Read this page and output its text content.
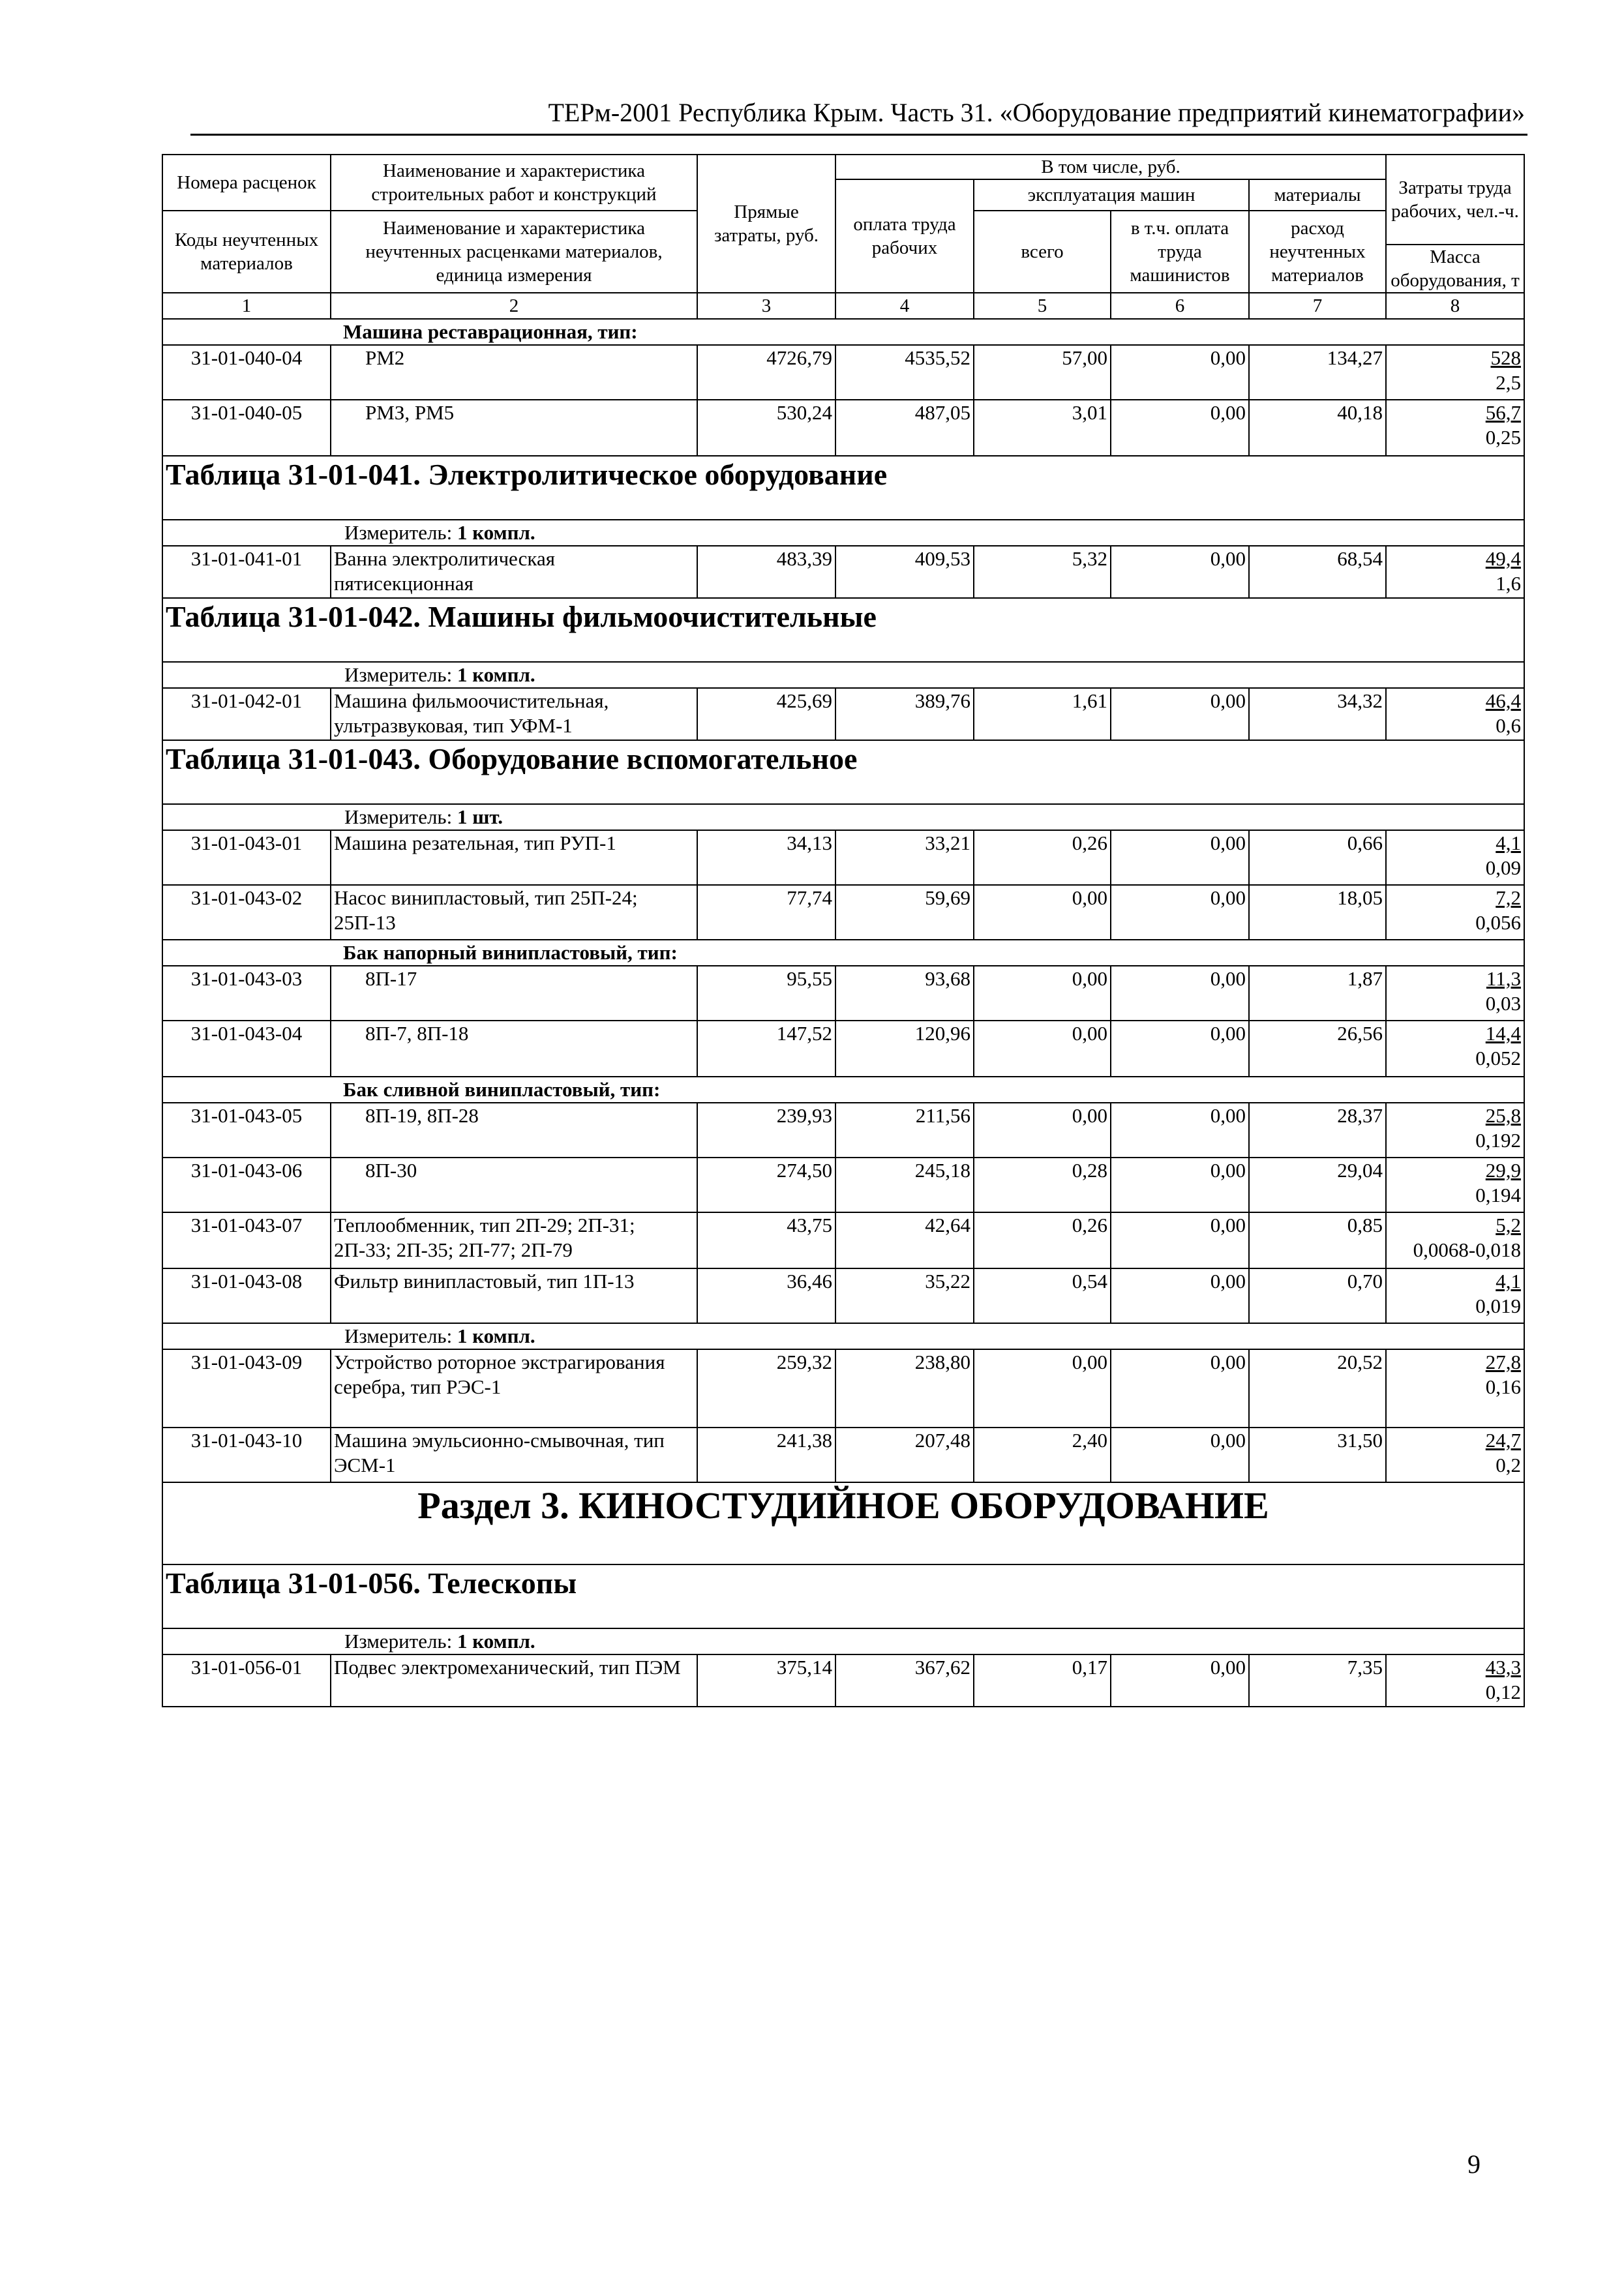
ТЕРм-2001 Республика Крым. Часть 31. «Оборудование предприятий кинематографии»
Номера расценок	Наименование и характеристика строительных работ и конструкций	Прямые затраты, руб.	В том числе, руб.				Затраты труда рабочих, чел.-ч.
			оплата труда рабочих	эксплуатация машин		материалы	
Коды неучтенных материалов	Наименование и характеристика неучтенных расценками материалов, единица измерения			всего	в т.ч. оплата труда машинистов	расход неучтенных материалов	
							Масса оборудования, т
1	2	3	4	5	6	7	8
Машина реставрационная, тип:							
31-01-040-04	РМ2	4726,79	4535,52	57,00	0,00	134,27	528
2,5

31-01-040-05	РМЗ, РМ5	530,24	487,05	3,01	0,00	40,18	56,7
0,25

Таблица 31-01-041. Электролитическое оборудование							
Измеритель: 1 компл.							
31-01-041-01	Ванна электролитическая пятисекционная	483,39	409,53	5,32	0,00	68,54	49,4
1,6

Таблица 31-01-042. Машины фильмоочистительные							
Измеритель: 1 компл.							
31-01-042-01	Машина фильмоочистительная, ультразвуковая, тип УФМ-1	425,69	389,76	1,61	0,00	34,32	46,4
0,6

Таблица 31-01-043. Оборудование вспомогательное							
Измеритель: 1 шт.							
31-01-043-01	Машина резательная, тип РУП-1	34,13	33,21	0,26	0,00	0,66	4,1
0,09

31-01-043-02	Насос винипластовый, тип 25П-24; 25П-13	77,74	59,69	0,00	0,00	18,05	7,2
0,056

Бак напорный винипластовый, тип:							
31-01-043-03	8П-17	95,55	93,68	0,00	0,00	1,87	11,3
0,03

31-01-043-04	8П-7, 8П-18	147,52	120,96	0,00	0,00	26,56	14,4
0,052

Бак сливной винипластовый, тип:							
31-01-043-05	8П-19, 8П-28	239,93	211,56	0,00	0,00	28,37	25,8
0,192

31-01-043-06	8П-30	274,50	245,18	0,28	0,00	29,04	29,9
0,194

31-01-043-07	Теплообменник, тип 2П-29; 2П-31; 2П-33; 2П-35; 2П-77; 2П-79	43,75	42,64	0,26	0,00	0,85	5,2
0,0068-0,018

31-01-043-08	Фильтр винипластовый, тип 1П-13	36,46	35,22	0,54	0,00	0,70	4,1
0,019

Измеритель: 1 компл.							
31-01-043-09	Устройство роторное экстрагирования серебра, тип РЭС-1	259,32	238,80	0,00	0,00	20,52	27,8
0,16

31-01-043-10	Машина эмульсионно-смывочная, тип ЭСМ-1	241,38	207,48	2,40	0,00	31,50	24,7
0,2

Раздел 3. КИНОСТУДИЙНОЕ ОБОРУДОВАНИЕ							
Таблица 31-01-056. Телескопы							
Измеритель: 1 компл.							
31-01-056-01	Подвес электромеханический, тип ПЭМ	375,14	367,62	0,17	0,00	7,35	43,3
0,12
9
